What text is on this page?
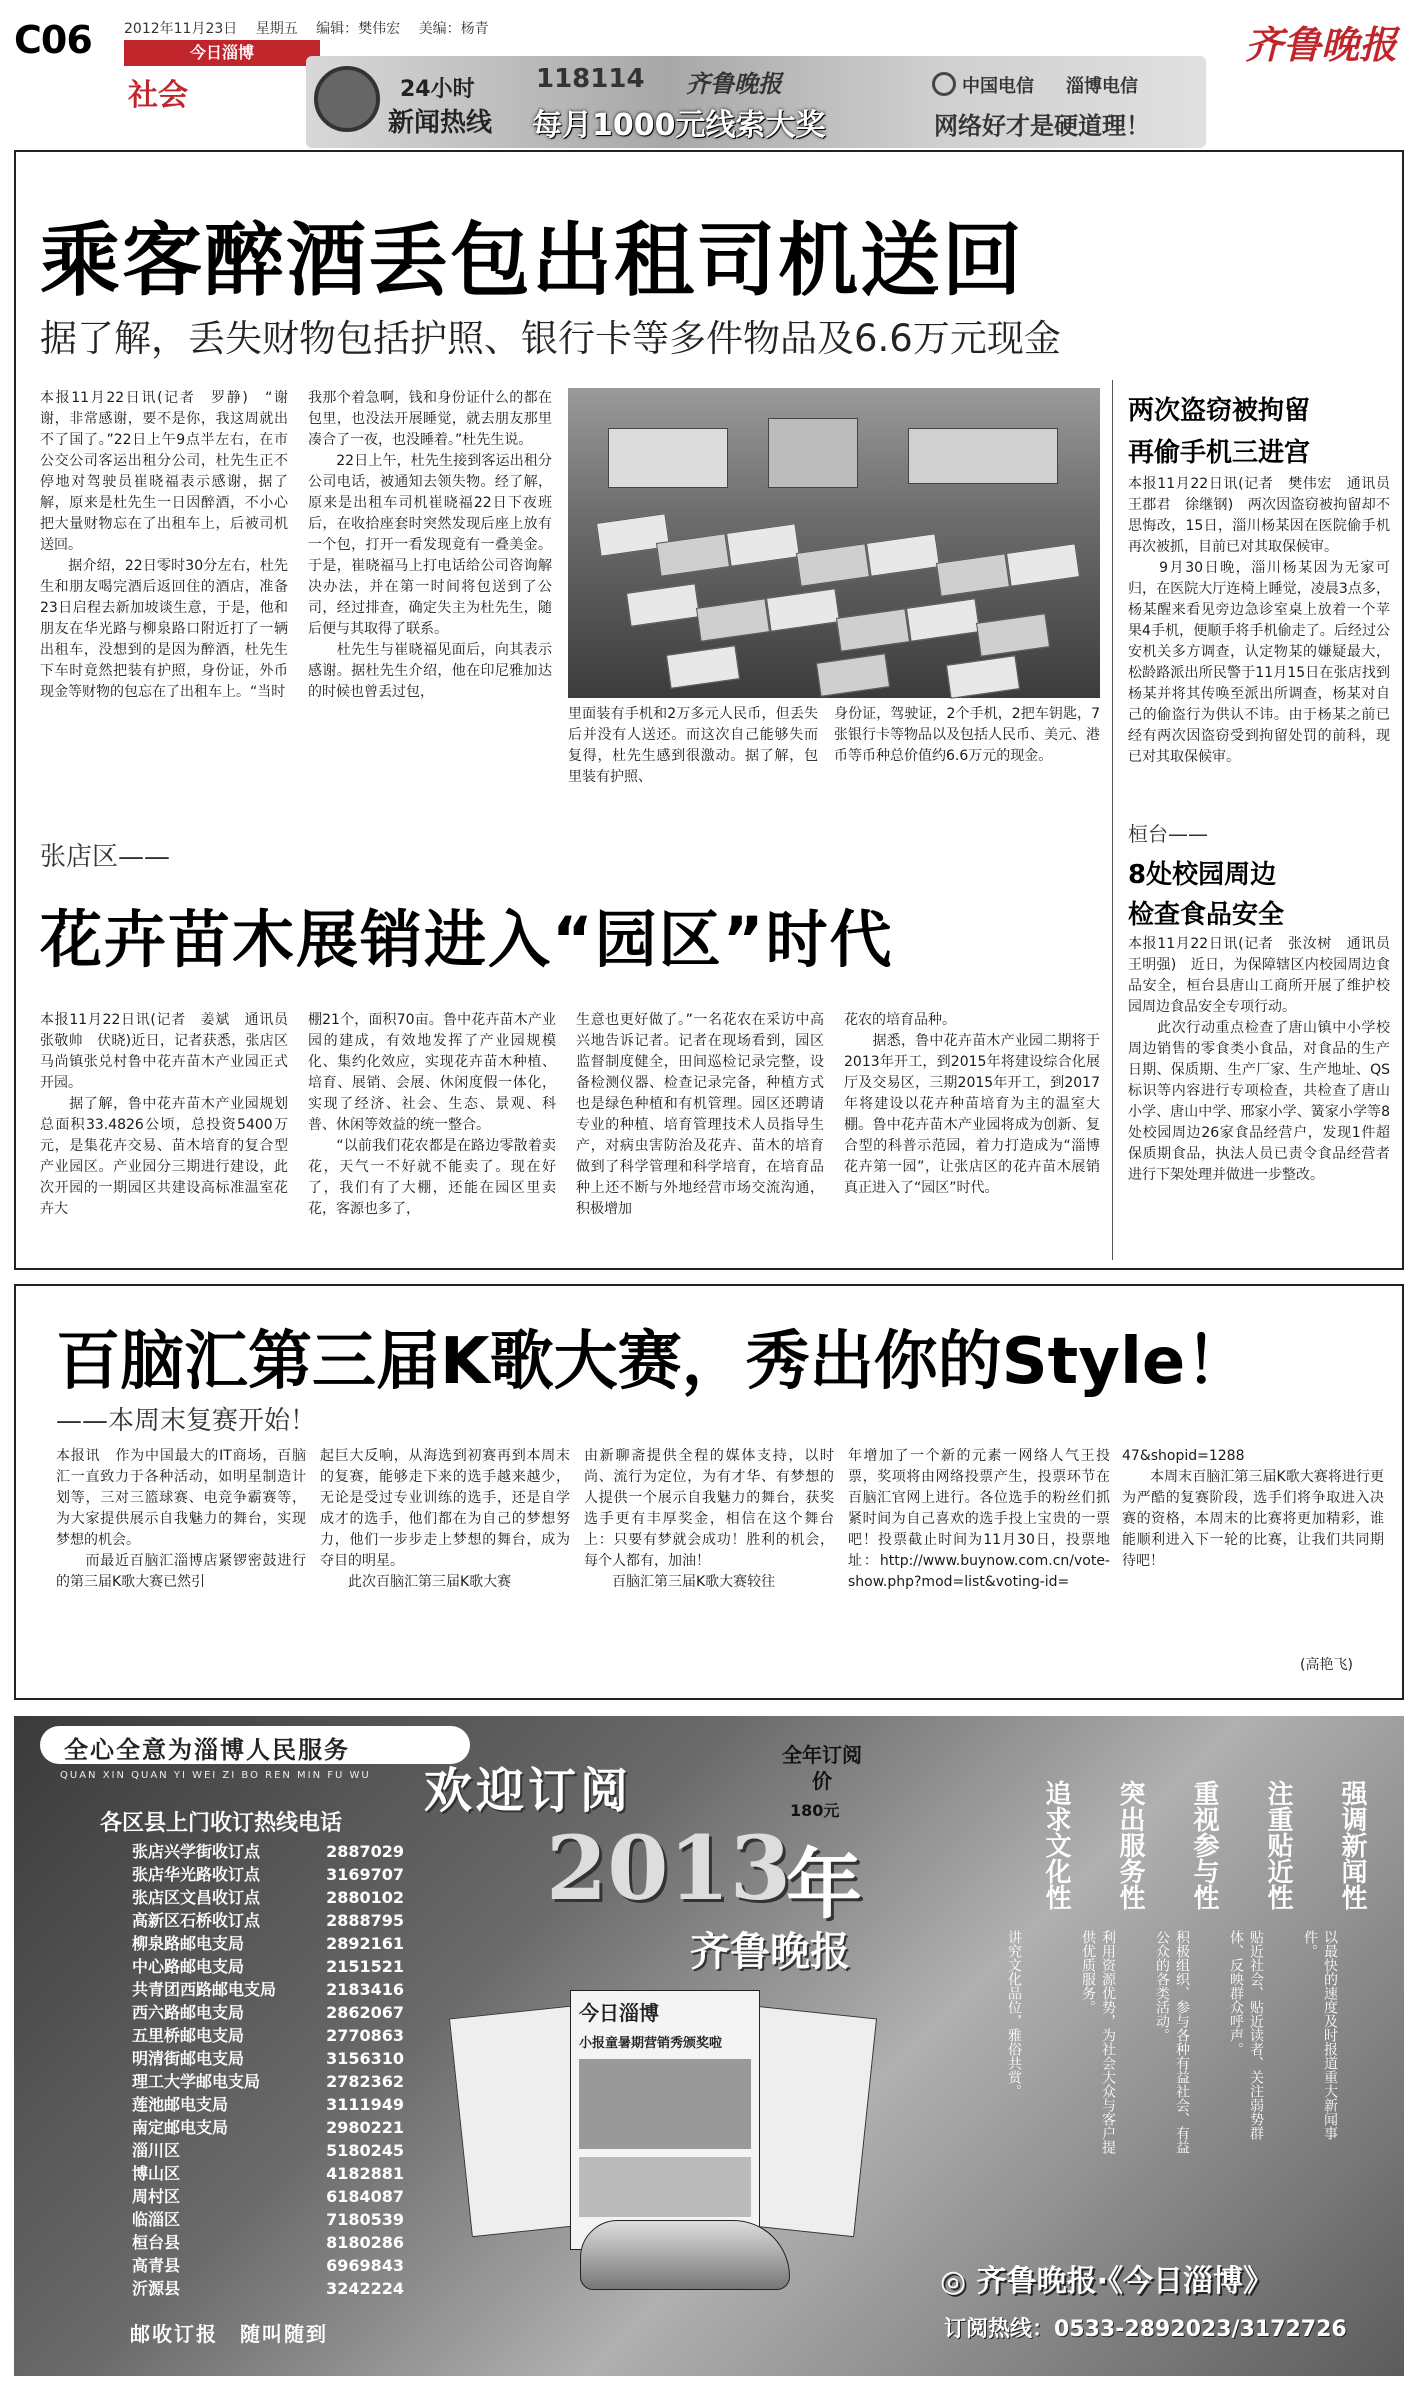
C06 2012年11月23日 星期五 编辑：樊伟宏 美编：杨青
今日淄博
社会	24小时
新闻热线
118114 齐鲁晚报
每月1000元线索大奖
中国电信 淄博电信
网络好才是硬道理！
齐鲁晚报
乘客醉酒丢包出租司机送回
据了解，丢失财物包括护照、银行卡等多件物品及6.6万元现金
本报11月22日讯(记者　罗静)　“谢谢，非常感谢，要不是你，我这周就出不了国了。”22日上午9点半左右，在市公交公司客运出租分公司，杜先生正不停地对驾驶员崔晓福表示感谢，据了解，原来是杜先生一日因醉酒，不小心把大量财物忘在了出租车上，后被司机送回。
　　据介绍，22日零时30分左右，杜先生和朋友喝完酒后返回住的酒店，准备23日启程去新加坡谈生意，于是，他和朋友在华光路与柳泉路口附近打了一辆出租车，没想到的是因为醉酒，杜先生下车时竟然把装有护照，身份证，外币现金等财物的包忘在了出租车上。“当时
我那个着急啊，钱和身份证什么的都在包里，也没法开展睡觉，就去朋友那里凑合了一夜，也没睡着。”杜先生说。
　　22日上午，杜先生接到客运出租分公司电话，被通知去领失物。经了解，原来是出租车司机崔晓福22日下夜班后，在收拾座套时突然发现后座上放有一个包，打开一看发现竟有一叠美金。于是，崔晓福马上打电话给公司咨询解决办法，并在第一时间将包送到了公司，经过排查，确定失主为杜先生，随后便与其取得了联系。
　　杜先生与崔晓福见面后，向其表示感谢。据杜先生介绍，他在印尼雅加达的时候也曾丢过包，
里面装有手机和2万多元人民币，但丢失后并没有人送还。而这次自己能够失而复得，杜先生感到很激动。据了解，包里装有护照、
身份证，驾驶证，2个手机，2把车钥匙，7张银行卡等物品以及包括人民币、美元、港币等币种总价值约6.6万元的现金。
两次盗窃被拘留
再偷手机三进宫
本报11月22日讯(记者　樊伟宏　通讯员　王郡君　徐继钢)　两次因盗窃被拘留却不思悔改，15日，淄川杨某因在医院偷手机再次被抓，目前已对其取保候审。
　　9月30日晚，淄川杨某因为无家可归，在医院大厅连椅上睡觉，凌晨3点多，杨某醒来看见旁边急诊室桌上放着一个苹果4手机，便顺手将手机偷走了。后经过公安机关多方调查，认定物某的嫌疑最大，松龄路派出所民警于11月15日在张店找到杨某并将其传唤至派出所调查，杨某对自己的偷盗行为供认不讳。由于杨某之前已经有两次因盗窃受到拘留处罚的前科，现已对其取保候审。
桓台——
8处校园周边
检查食品安全
本报11月22日讯(记者　张汝树　通讯员　王明强)　近日，为保障辖区内校园周边食品安全，桓台县唐山工商所开展了维护校园周边食品安全专项行动。
　　此次行动重点检查了唐山镇中小学校周边销售的零食类小食品，对食品的生产日期、保质期、生产厂家、生产地址、QS标识等内容进行专项检查，共检查了唐山小学、唐山中学、邢家小学、簧家小学等8处校园周边26家食品经营户，发现1件超保质期食品，执法人员已责令食品经营者进行下架处理并做进一步整改。
张店区——
花卉苗木展销进入“园区”时代
本报11月22日讯(记者　姜斌　通讯员　张敬帅　伏晓)近日，记者获悉，张店区马尚镇张兑村鲁中花卉苗木产业园正式开园。
　　据了解，鲁中花卉苗木产业园规划总面积33.4826公顷，总投资5400万元，是集花卉交易、苗木培育的复合型产业园区。产业园分三期进行建设，此次开园的一期园区共建设高标准温室花卉大
棚21个，面积70亩。鲁中花卉苗木产业园的建成，有效地发挥了产业园规模化、集约化效应，实现花卉苗木种植、培育、展销、会展、休闲度假一体化，实现了经济、社会、生态、景观、科普、休闲等效益的统一整合。
　　“以前我们花农都是在路边零散着卖花，天气一不好就不能卖了。现在好了，我们有了大棚，还能在园区里卖花，客源也多了，
生意也更好做了。”一名花农在采访中高兴地告诉记者。记者在现场看到，园区监督制度健全，田间巡检记录完整，设备检测仪器、检查记录完备，种植方式也是绿色种植和有机管理。园区还聘请专业的种植、培育管理技术人员指导生产，对病虫害防治及花卉、苗木的培育做到了科学管理和科学培育，在培育品种上还不断与外地经营市场交流沟通，积极增加
花农的培育品种。
　　据悉，鲁中花卉苗木产业园二期将于2013年开工，到2015年将建设综合化展厅及交易区，三期2015年开工，到2017年将建设以花卉种苗培育为主的温室大棚。鲁中花卉苗木产业园将成为创新、复合型的科普示范园，着力打造成为“淄博花卉第一园”，让张店区的花卉苗木展销真正进入了“园区”时代。
百脑汇第三届K歌大赛，秀出你的Style！
——本周末复赛开始！
本报讯　作为中国最大的IT商场，百脑汇一直致力于各种活动，如明星制造计划等，三对三篮球赛、电竞争霸赛等，为大家提供展示自我魅力的舞台，实现梦想的机会。
　　而最近百脑汇淄博店紧锣密鼓进行的第三届K歌大赛已然引
起巨大反响，从海选到初赛再到本周末的复赛，能够走下来的选手越来越少，无论是受过专业训练的选手，还是自学成才的选手，他们都在为自己的梦想努力，他们一步步走上梦想的舞台，成为夺目的明星。
　　此次百脑汇第三届K歌大赛
由新聊斋提供全程的媒体支持，以时尚、流行为定位，为有才华、有梦想的人提供一个展示自我魅力的舞台，获奖选手更有丰厚奖金，相信在这个舞台上：只要有梦就会成功！胜利的机会，每个人都有，加油！
　　百脑汇第三届K歌大赛较往
年增加了一个新的元素一网络人气王投票，奖项将由网络投票产生，投票环节在百脑汇官网上进行。各位选手的粉丝们抓紧时间为自己喜欢的选手投上宝贵的一票吧！投票截止时间为11月30日，投票地址：http://www.buynow.com.cn/vote-show.php?mod=list&voting-id=
47&shopid=1288
　　本周末百脑汇第三届K歌大赛将进行更为严酷的复赛阶段，选手们将争取进入决赛的资格，本周末的比赛将更加精彩，谁能顺利进入下一轮的比赛，让我们共同期待吧！
(高艳飞)
全心全意为淄博人民服务
QUAN XIN QUAN YI WEI ZI BO REN MIN FU WU
各区县上门收订热线电话
张店兴学街收订点	2887029
张店华光路收订点	3169707
张店区文昌收订点	2880102
高新区石桥收订点	2888795
柳泉路邮电支局	2892161
中心路邮电支局	2151521
共青团西路邮电支局	2183416
西六路邮电支局	2862067
五里桥邮电支局	2770863
明清街邮电支局	3156310
理工大学邮电支局	2782362
莲池邮电支局	3111949
南定邮电支局	2980221
淄川区	5180245
博山区	4182881
周村区	6184087
临淄区	7180539
桓台县	8180286
高青县	6969843
沂源县	3242224
邮收订报　随叫随到
欢迎订阅
全年订阅价
180元
2013
年
齐鲁晚报
今日淄博
小报童暑期营销秀颁奖啦
强调新闻性
以最快的速度及时报道重大新闻事件。
注重贴近性
贴近社会、贴近读者、关注弱势群体、反映群众呼声。
重视参与性
积极组织、参与各种有益社会、有益公众的各类活动。
突出服务性
利用资源优势，为社会大众与客户提供优质服务。
追求文化性
讲究文化品位，雅俗共赏。
◎ 齐鲁晚报·《今日淄博》
订阅热线：0533-2892023/3172726
